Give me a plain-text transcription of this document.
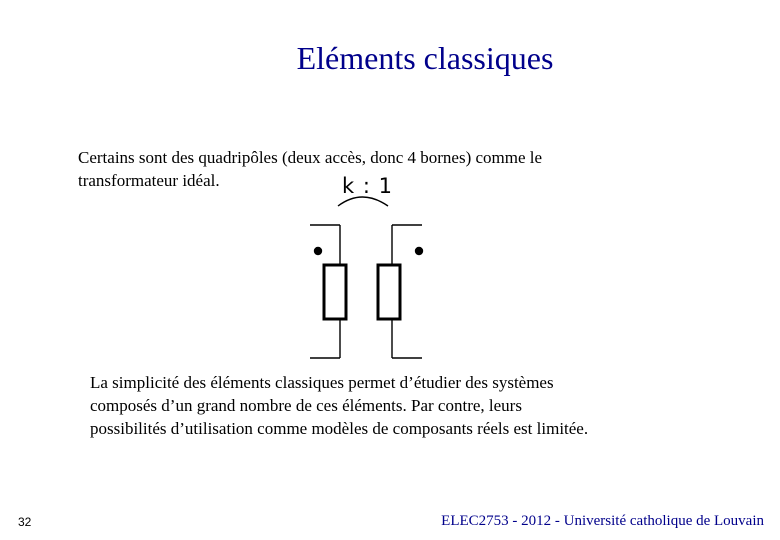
Eléments classiques
Certains sont des quadripôles (deux accès, donc 4 bornes) comme le
transformateur idéal.	k : 1
La simplicité des éléments classiques permet d’étudier des systèmes
composés d’un grand nombre de ces éléments. Par contre, leurs
possibilités d’utilisation comme modèles de composants réels est limitée.
32	ELEC2753 - 2012 - Université catholique de Louvain
